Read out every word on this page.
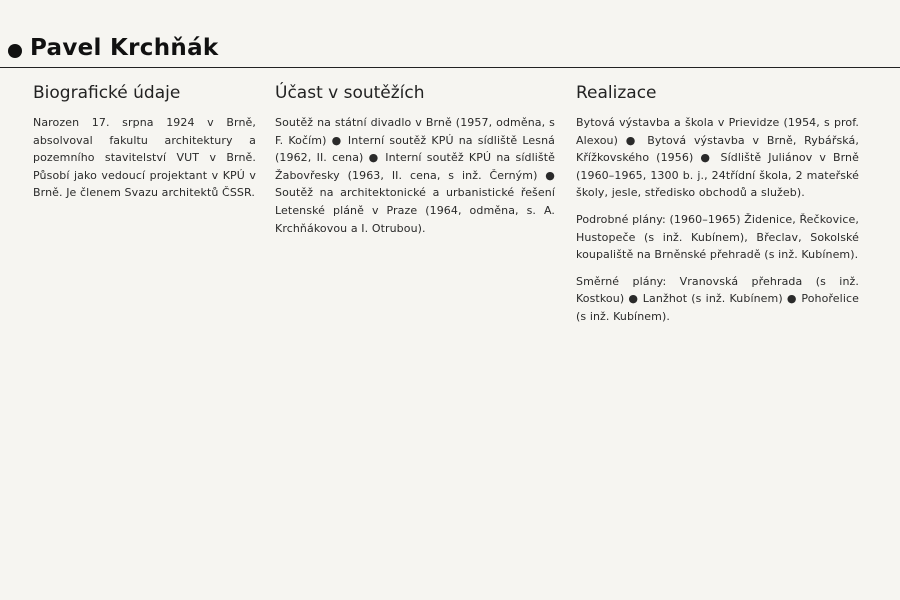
Pavel Krchňák
Biografické údaje

Narozen 17. srpna 1924 v Brně, absolvoval fakultu architektury a pozemního stavitelství VUT v Brně. Působí jako vedoucí projektant v KPÚ v Brně. Je členem Svazu architektů ČSSR.

Účast v soutěžích

Soutěž na státní divadlo v Brně (1957, odměna, s F. Kočím) ● Interní soutěž KPÚ na sídliště Lesná (1962, II. cena) ● Interní soutěž KPÚ na sídliště Žabovřesky (1963, II. cena, s inž. Černým) ● Soutěž na architektonické a urbanistické řešení Letenské pláně v Praze (1964, odměna, s. A. Krchňákovou a I. Otrubou).

Realizace

Bytová výstavba a škola v Prievidze (1954, s prof. Alexou) ● Bytová výstavba v Brně, Rybářská, Křížkovského (1956) ● Sídliště Juliánov v Brně (1960–1965, 1300 b. j., 24třídní škola, 2 mateřské školy, jesle, středisko obchodů a služeb).

Podrobné plány: (1960–1965) Židenice, Řečkovice, Hustopeče (s inž. Kubínem), Břeclav, Sokolské koupaliště na Brněnské přehradě (s inž. Kubínem).

Směrné plány: Vranovská přehrada (s inž. Kostkou) ● Lanžhot (s inž. Kubínem) ● Pohořelice (s inž. Kubínem).
